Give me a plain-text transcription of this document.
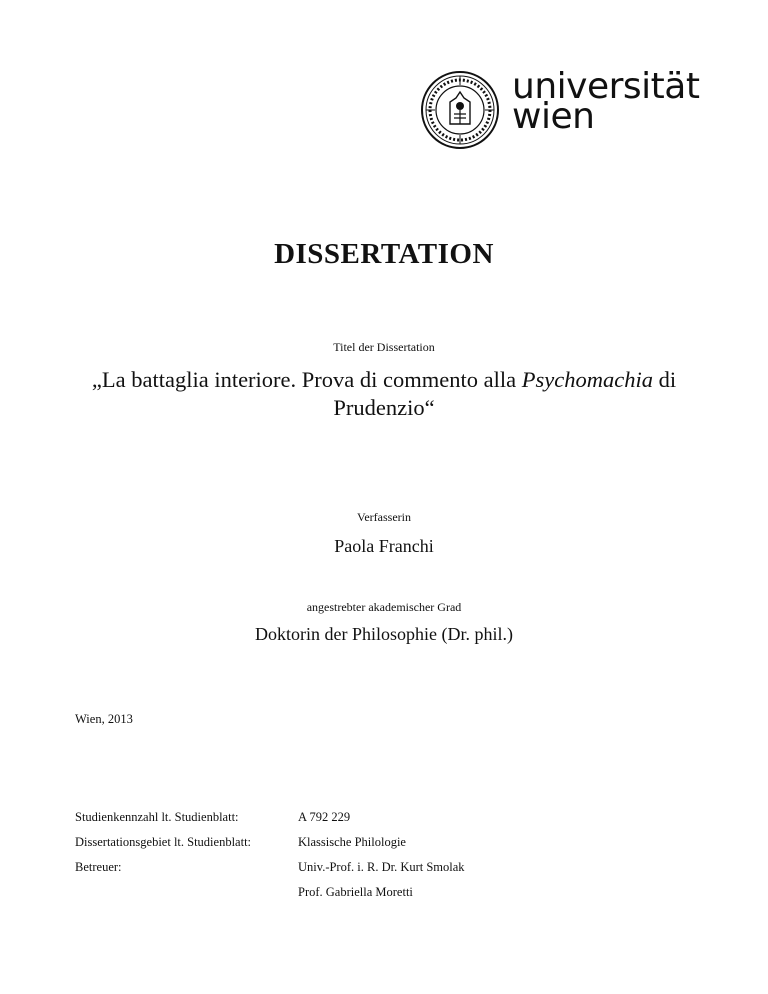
universität
wien
DISSERTATION
Titel der Dissertation
„La battaglia interiore. Prova di commento alla Psychomachia di Prudenzio“
Verfasserin
Paola Franchi
angestrebter akademischer Grad
Doktorin der Philosophie (Dr. phil.)
Wien, 2013
Studienkennzahl lt. Studienblatt:	A 792 229
Dissertationsgebiet lt. Studienblatt:	Klassische Philologie
Betreuer:	Univ.-Prof. i. R. Dr. Kurt Smolak
Prof. Gabriella Moretti
